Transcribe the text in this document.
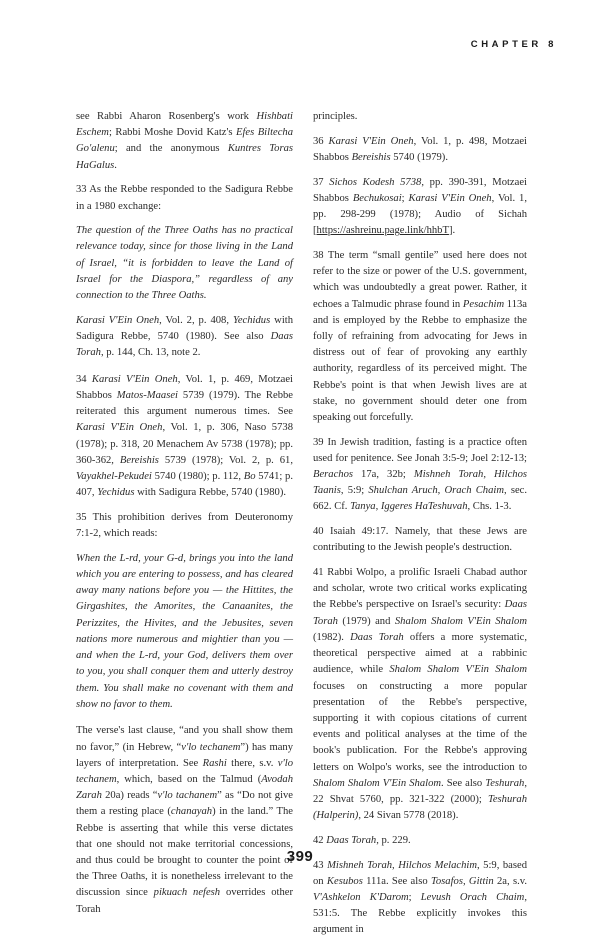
CHAPTER 8

see Rabbi Aharon Rosenberg's work Hishbati Eschem; Rabbi Moshe Dovid Katz's Efes Biltecha Go'alenu; and the anonymous Kuntres Toras HaGalus.

33 As the Rebbe responded to the Sadigura Rebbe in a 1980 exchange:

The question of the Three Oaths has no practical relevance today, since for those living in the Land of Israel, “it is forbidden to leave the Land of Israel for the Diaspora,” regardless of any connection to the Three Oaths.

Karasi V'Ein Oneh, Vol. 2, p. 408, Yechidus with Sadigura Rebbe, 5740 (1980). See also Daas Torah, p. 144, Ch. 13, note 2.

34 Karasi V'Ein Oneh, Vol. 1, p. 469, Motzaei Shabbos Matos-Maasei 5739 (1979). The Rebbe reiterated this argument numerous times. See Karasi V'Ein Oneh, Vol. 1, p. 306, Naso 5738 (1978); p. 318, 20 Menachem Av 5738 (1978); pp. 360-362, Bereishis 5739 (1978); Vol. 2, p. 61, Vayakhel-Pekudei 5740 (1980); p. 112, Bo 5741; p. 407, Yechidus with Sadigura Rebbe, 5740 (1980).

35 This prohibition derives from Deuteronomy 7:1-2, which reads:

When the L-rd, your G-d, brings you into the land which you are entering to possess, and has cleared away many nations before you — the Hittites, the Girgashites, the Amorites, the Canaanites, the Perizzites, the Hivites, and the Jebusites, seven nations more numerous and mightier than you — and when the L-rd, your God, delivers them over to you, you shall conquer them and utterly destroy them. You shall make no covenant with them and show no favor to them.

The verse's last clause, “and you shall show them no favor,” (in Hebrew, “v'lo techanem”) has many layers of interpretation. See Rashi there, s.v. v'lo techanem, which, based on the Talmud (Avodah Zarah 20a) reads “v'lo tachanem” as “Do not give them a resting place (chanayah) in the land.” The Rebbe is asserting that while this verse dictates that one should not make territorial concessions, and thus could be brought to counter the point of the Three Oaths, it is nonetheless irrelevant to the discussion since pikuach nefesh overrides other Torah

principles.

36 Karasi V'Ein Oneh, Vol. 1, p. 498, Motzaei Shabbos Bereishis 5740 (1979).

37 Sichos Kodesh 5738, pp. 390-391, Motzaei Shabbos Bechukosai; Karasi V'Ein Oneh, Vol. 1, pp. 298-299 (1978); Audio of Sichah [https://ashreinu.page.link/hhbT].

38 The term “small gentile” used here does not refer to the size or power of the U.S. government, which was undoubtedly a great power. Rather, it echoes a Talmudic phrase found in Pesachim 113a and is employed by the Rebbe to emphasize the folly of refraining from advocating for Jews in distress out of fear of provoking any earthly authority, regardless of its perceived might. The Rebbe's point is that when Jewish lives are at stake, no government should deter one from speaking out forcefully.

39 In Jewish tradition, fasting is a practice often used for penitence. See Jonah 3:5-9; Joel 2:12-13; Berachos 17a, 32b; Mishneh Torah, Hilchos Taanis, 5:9; Shulchan Aruch, Orach Chaim, sec. 662. Cf. Tanya, Iggeres HaTeshuvah, Chs. 1-3.

40 Isaiah 49:17. Namely, that these Jews are contributing to the Jewish people's destruction.

41 Rabbi Wolpo, a prolific Israeli Chabad author and scholar, wrote two critical works explicating the Rebbe's perspective on Israel's security: Daas Torah (1979) and Shalom Shalom V'Ein Shalom (1982). Daas Torah offers a more systematic, theoretical perspective aimed at a rabbinic audience, while Shalom Shalom V'Ein Shalom focuses on constructing a more popular presentation of the Rebbe's perspective, supporting it with copious citations of current events and political analyses at the time of the book's publication. For the Rebbe's approving letters on Wolpo's works, see the introduction to Shalom Shalom V'Ein Shalom. See also Teshurah, 22 Shvat 5760, pp. 321-322 (2000); Teshurah (Halperin), 24 Sivan 5778 (2018).

42 Daas Torah, p. 229.

43 Mishneh Torah, Hilchos Melachim, 5:9, based on Kesubos 111a. See also Tosafos, Gittin 2a, s.v. V'Ashkelon K'Darom; Levush Orach Chaim, 531:5. The Rebbe explicitly invokes this argument in

399
